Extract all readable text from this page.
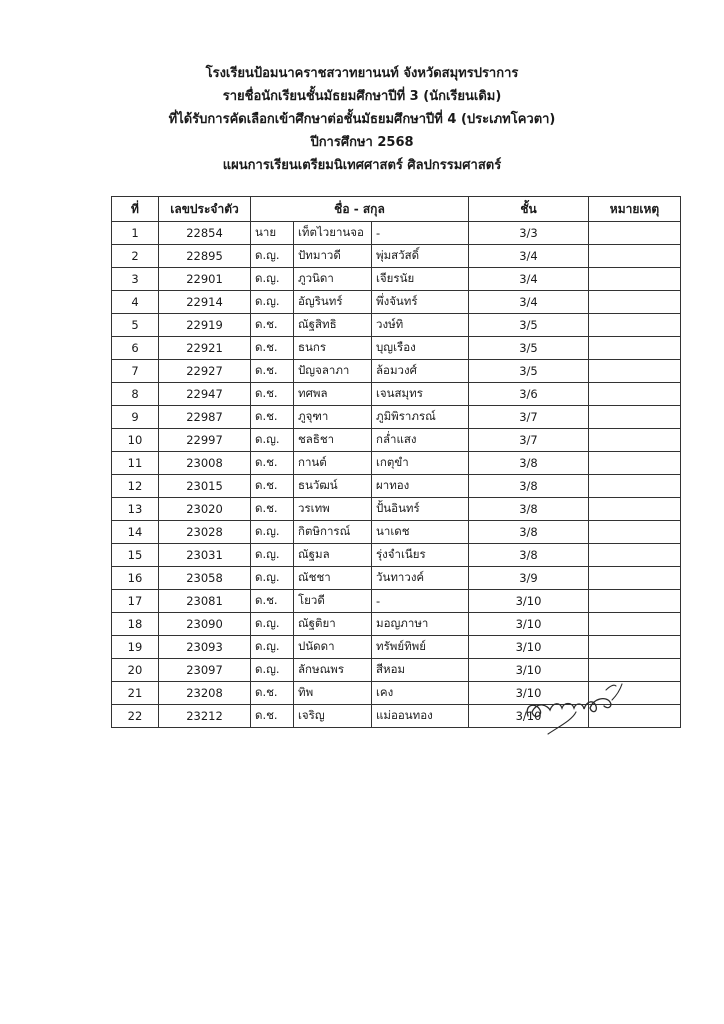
โรงเรียนป้อมนาคราชสวาทยานนท์ จังหวัดสมุทรปราการ
รายชื่อนักเรียนชั้นมัธยมศึกษาปีที่ 3 (นักเรียนเดิม)
ที่ได้รับการคัดเลือกเข้าศึกษาต่อชั้นมัธยมศึกษาปีที่ 4 (ประเภทโควตา)
ปีการศึกษา 2568
แผนการเรียนเตรียมนิเทศศาสตร์ ศิลปกรรมศาสตร์
ที่	เลขประจำตัว	ชื่อ - สกุล			ชั้น	หมายเหตุ
1	22854	นาย	เท็ตไวยานจอ	-	3/3	
2	22895	ด.ญ.	ปัทมาวดี	พุ่มสวัสดิ์	3/4	
3	22901	ด.ญ.	ภูวนิดา	เจียรนัย	3/4	
4	22914	ด.ญ.	อัญรินทร์	พึ่งจันทร์	3/4	
5	22919	ด.ช.	ณัฐสิทธิ	วงษ์ทิ	3/5	
6	22921	ด.ช.	ธนกร	บุญเรือง	3/5	
7	22927	ด.ช.	ปัญจลาภา	ล้อมวงศ์	3/5	
8	22947	ด.ช.	ทศพล	เจนสมุทร	3/6	
9	22987	ด.ช.	ภูจุฑา	ภูมิพิราภรณ์	3/7	
10	22997	ด.ญ.	ชลธิชา	กล่ำแสง	3/7	
11	23008	ด.ช.	กานต์	เกตุขำ	3/8	
12	23015	ด.ช.	ธนวัฒน์	ผาทอง	3/8	
13	23020	ด.ช.	วรเทพ	ปั้นอินทร์	3/8	
14	23028	ด.ญ.	กิตษิการณ์	นาเดช	3/8	
15	23031	ด.ญ.	ณัฐมล	รุ่งจำเนียร	3/8	
16	23058	ด.ญ.	ณัชชา	วันทาวงค์	3/9	
17	23081	ด.ช.	โยวดี	-	3/10	
18	23090	ด.ญ.	ณัฐติยา	มอญภาษา	3/10	
19	23093	ด.ญ.	ปนัดดา	ทรัพย์ทิพย์	3/10	
20	23097	ด.ญ.	ลักษณพร	สีหอม	3/10	
21	23208	ด.ช.	ทิพ	เคง	3/10	
22	23212	ด.ช.	เจริญ	แม่ออนทอง	3/10	
